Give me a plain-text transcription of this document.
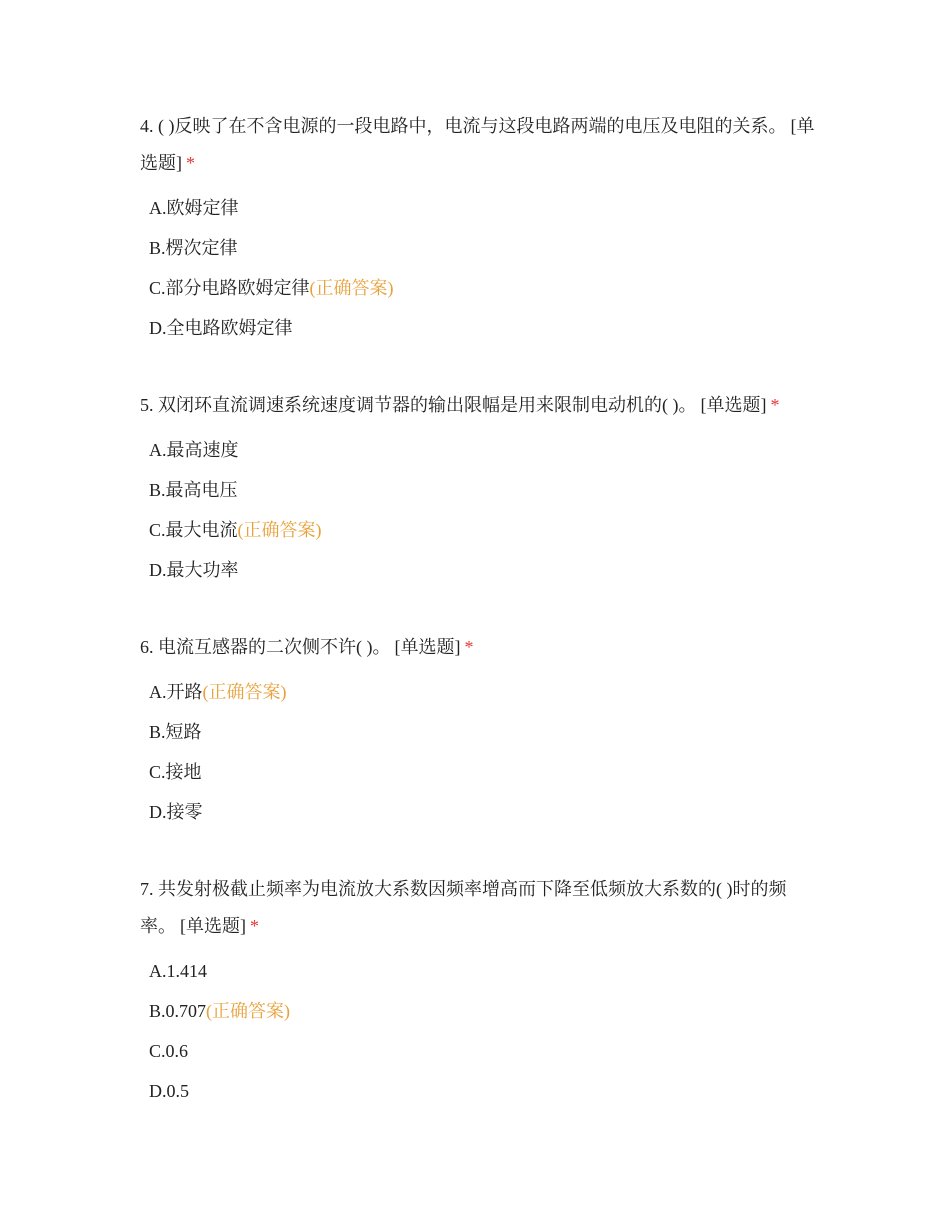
4. ( )反映了在不含电源的一段电路中，电流与这段电路两端的电压及电阻的关系。 [单选题] *

A.欧姆定律
B.楞次定律
C.部分电路欧姆定律(正确答案)
D.全电路欧姆定律

5. 双闭环直流调速系统速度调节器的输出限幅是用来限制电动机的( )。 [单选题] *

A.最高速度
B.最高电压
C.最大电流(正确答案)
D.最大功率

6. 电流互感器的二次侧不许( )。 [单选题] *

A.开路(正确答案)
B.短路
C.接地
D.接零

7. 共发射极截止频率为电流放大系数因频率增高而下降至低频放大系数的( )时的频率。 [单选题] *

A.1.414
B.0.707(正确答案)
C.0.6
D.0.5
